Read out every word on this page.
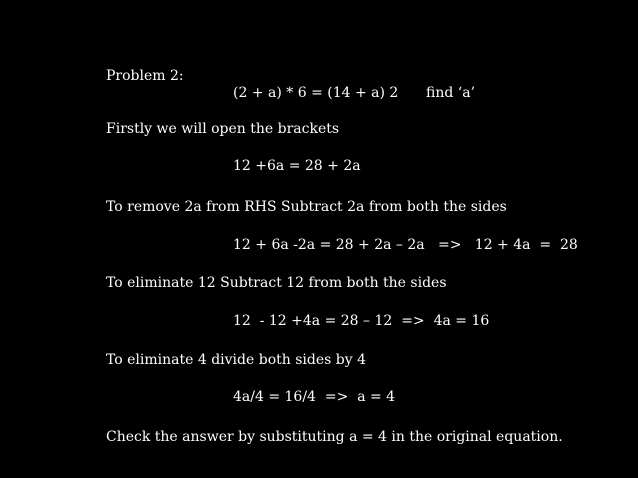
Problem 2:
(2 + a) * 6 = (14 + a) 2 find ‘a’
Firstly we will open the brackets
12 +6a = 28 + 2a
To remove 2a from RHS Subtract 2a from both the sides
12 + 6a -2a = 28 + 2a – 2a   =>   12 + 4a  =  28
To eliminate 12 Subtract 12 from both the sides
12  - 12 +4a = 28 – 12  =>  4a = 16
To eliminate 4 divide both sides by 4
4a/4 = 16/4  =>  a = 4
Check the answer by substituting a = 4 in the original equation.
